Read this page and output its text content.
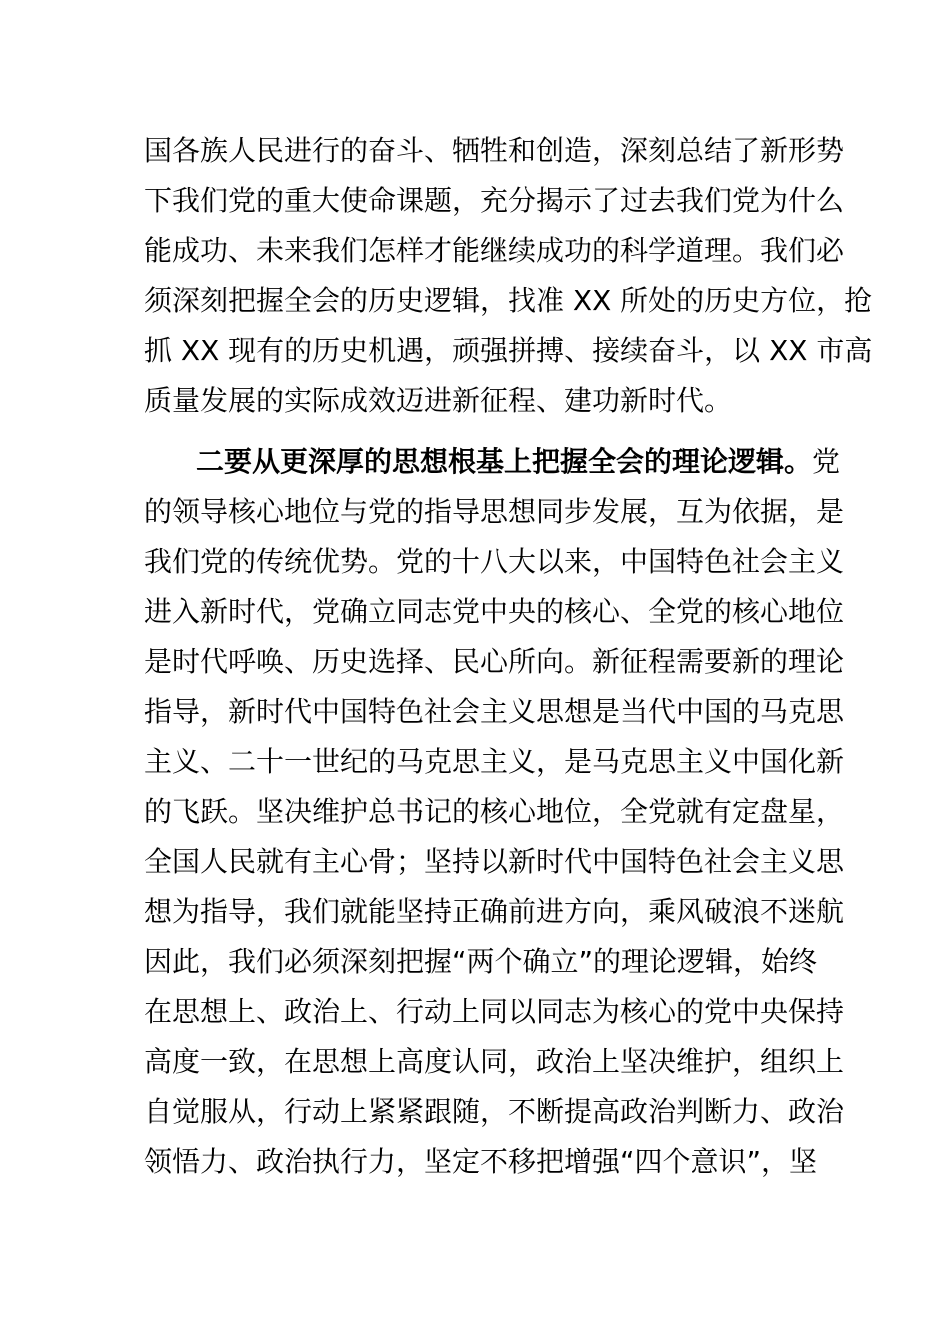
国各族人民进行的奋斗、牺牲和创造，深刻总结了新形势
下我们党的重大使命课题，充分揭示了过去我们党为什么
能成功、未来我们怎样才能继续成功的科学道理。我们必
须深刻把握全会的历史逻辑，找准 XX 所处的历史方位，抢
抓 XX 现有的历史机遇，顽强拼搏、接续奋斗，以 XX 市高
质量发展的实际成效迈进新征程、建功新时代。
二要从更深厚的思想根基上把握全会的理论逻辑。党
的领导核心地位与党的指导思想同步发展，互为依据，是
我们党的传统优势。党的十八大以来，中国特色社会主义
进入新时代，党确立同志党中央的核心、全党的核心地位
是时代呼唤、历史选择、民心所向。新征程需要新的理论
指导，新时代中国特色社会主义思想是当代中国的马克思
主义、二十一世纪的马克思主义，是马克思主义中国化新
的飞跃。坚决维护总书记的核心地位，全党就有定盘星，
全国人民就有主心骨；坚持以新时代中国特色社会主义思
想为指导，我们就能坚持正确前进方向，乘风破浪不迷航
因此，我们必须深刻把握“两个确立”的理论逻辑，始终
在思想上、政治上、行动上同以同志为核心的党中央保持
高度一致，在思想上高度认同，政治上坚决维护，组织上
自觉服从，行动上紧紧跟随，不断提高政治判断力、政治
领悟力、政治执行力，坚定不移把增强“四个意识”，坚
